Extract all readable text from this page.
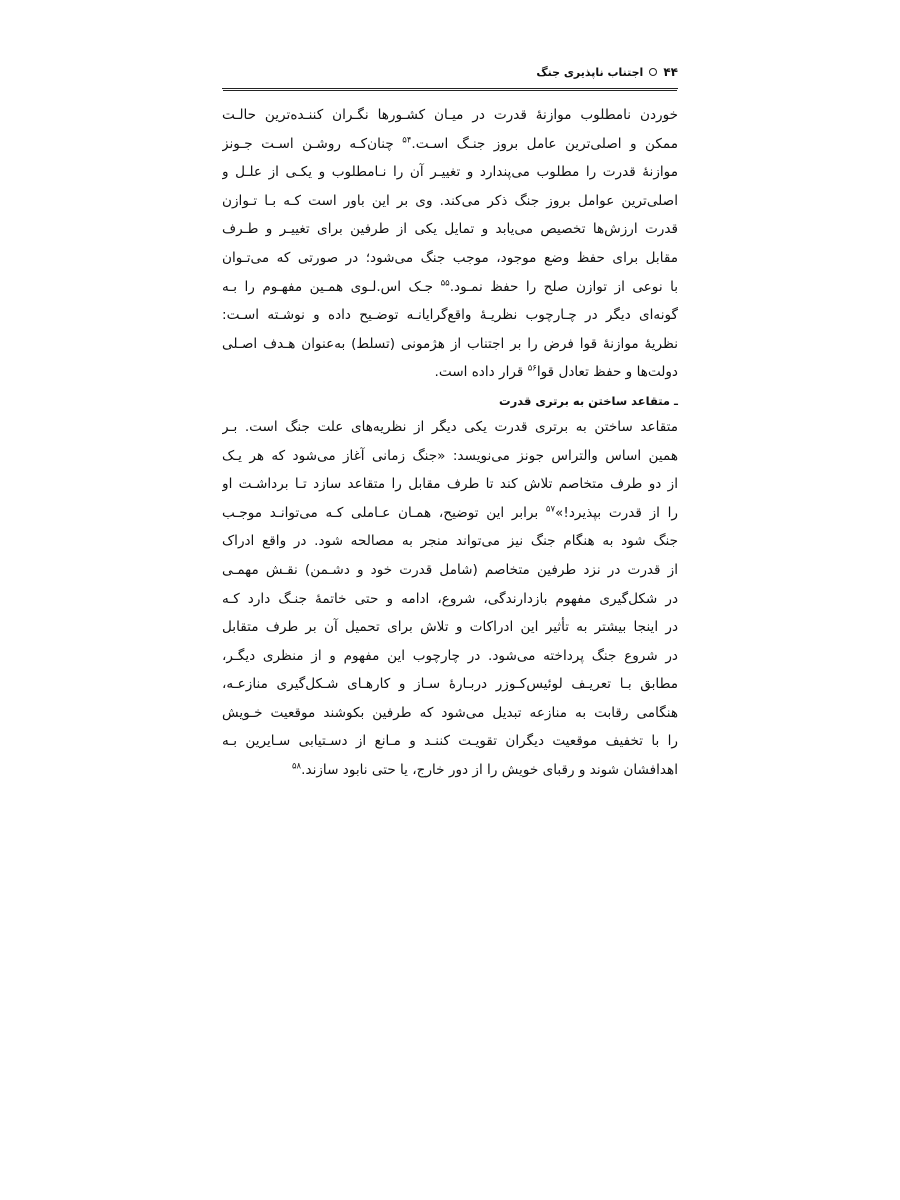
۴۴
اجتناب ناپذیری جنگ
خوردن نامطلوب موازنهٔ قدرت در میـان کشـورها نگـران کننـده‌ترین حالـت
ممکن و اصلی‌ترین عامل بروز جنـگ اسـت.$^{۵۴}$ چنان‌کـه روشـن اسـت جـونز
موازنهٔ قدرت را مطلوب می‌پندارد و تغییـر آن را نـامطلوب و یکـی از علـل و
اصلی‌ترین عوامل بروز جنگ ذکر می‌کند. وی بر این باور است کـه بـا تـوازن
قدرت ارزش‌ها تخصیص می‌یابد و تمایل یکی از طرفین برای تغییـر و طـرف
مقابل برای حفظ وضع موجود، موجب جنگ می‌شود؛ در صورتی که می‌تـوان
با نوعی از توازن صلح را حفظ نمـود.$^{۵۵}$ جـک اس.لـوی همـین مفهـوم را بـه
گونه‌ای دیگر در چـارچوب نظریـهٔ واقع‌گرایانـه توضـیح داده و نوشـته اسـت:
نظریهٔ موازنهٔ قوا فرض را بر اجتناب از هژمونی (تسلط) به‌عنوان هـدف اصـلی
دولت‌ها و حفظ تعادل قوا$^{۵۶}$ قرار داده است.
ـ متقاعد ساختن به برتری قدرت
متقاعد ساختن به برتری قدرت یکی دیگر از نظریه‌های علت جنگ است. بـر
همین اساس والتراس جونز می‌نویسد: «جنگ زمانی آغاز می‌شود که هر یـک
از دو طرف متخاصم تلاش کند تا طرف مقابل را متقاعد سازد تـا برداشـت او
را از قدرت بپذیرد!»$^{۵۷}$ برابر این توضیح، همـان عـاملی کـه می‌توانـد موجـب
جنگ شود به هنگام جنگ نیز می‌تواند منجر به مصالحه شود. در واقع ادراک
از قدرت در نزد طرفین متخاصم (شامل قدرت خود و دشـمن) نقـش مهمـی
در شکل‌گیری مفهوم بازدارندگی، شروع، ادامه و حتی خاتمهٔ جنـگ دارد کـه
در اینجا بیشتر به تأثیر این ادراکات و تلاش برای تحمیل آن بر طرف متقابل
در شروع جنگ پرداخته می‌شود. در چارچوب این مفهوم و از منظری دیگـر،
مطابق بـا تعریـف لوئیس‌کـوزر دربـارهٔ سـاز و کارهـای شـکل‌گیری منازعـه،
هنگامی رقابت به منازعه تبدیل می‌شود که طرفین بکوشند موقعیت خـویش
را با تخفیف موقعیت دیگران تقویـت کننـد و مـانع از دسـتیابی سـایرین بـه
اهدافشان شوند و رقبای خویش را از دور خارج، یا حتی نابود سازند.$^{۵۸}$
